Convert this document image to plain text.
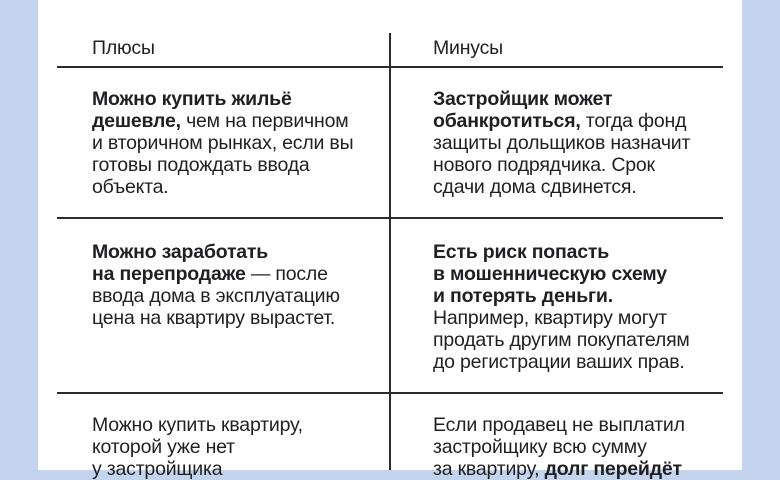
Плюсы	Минусы
Можно купить жильё
дешевле, чем на первичном
и вторичном рынках, если вы
готовы подождать ввода
объекта.
Застройщик может
обанкротиться, тогда фонд
защиты дольщиков назначит
нового подрядчика. Срок
сдачи дома сдвинется.
Можно заработать
на перепродаже — после
ввода дома в эксплуатацию
цена на квартиру вырастет.
Есть риск попасть
в мошенническую схему
и потерять деньги.
Например, квартиру могут
продать другим покупателям
до регистрации ваших прав.
Можно купить квартиру,
которой уже нет
у застройщика
Если продавец не выплатил
застройщику всю сумму
за квартиру, долг перейдёт
